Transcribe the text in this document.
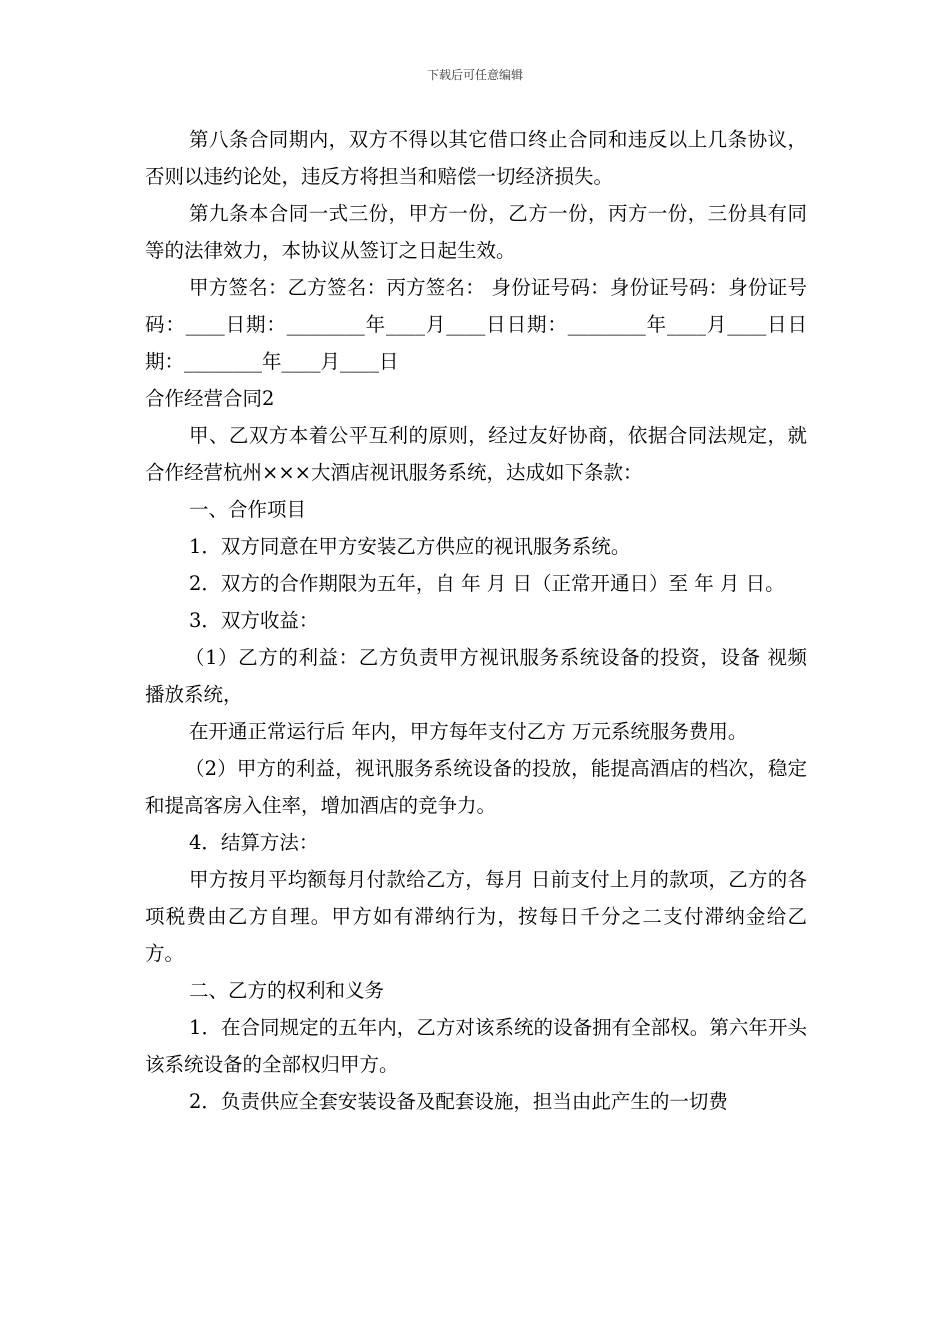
下载后可任意编辑

第八条合同期内，双方不得以其它借口终止合同和违反以上几条协议，否则以违约论处，违反方将担当和赔偿一切经济损失。

第九条本合同一式三份，甲方一份，乙方一份，丙方一份，三份具有同等的法律效力，本协议从签订之日起生效。

甲方签名：乙方签名：丙方签名： 身份证号码：身份证号码：身份证号码：____日期：________年____月____日日期：________年____月____日日期：________年____月____日

合作经营合同2

甲、乙双方本着公平互利的原则，经过友好协商，依据合同法规定，就合作经营杭州×××大酒店视讯服务系统，达成如下条款：

一、合作项目

1．双方同意在甲方安装乙方供应的视讯服务系统。

2．双方的合作期限为五年，自 年 月 日（正常开通日）至 年 月 日。

3．双方收益：

（1）乙方的利益：乙方负责甲方视讯服务系统设备的投资，设备 视频播放系统，

在开通正常运行后 年内，甲方每年支付乙方 万元系统服务费用。

（2）甲方的利益，视讯服务系统设备的投放，能提高酒店的档次，稳定和提高客房入住率，增加酒店的竞争力。

4．结算方法：

甲方按月平均额每月付款给乙方，每月 日前支付上月的款项，乙方的各项税费由乙方自理。甲方如有滞纳行为，按每日千分之二支付滞纳金给乙方。

二、乙方的权利和义务

1．在合同规定的五年内，乙方对该系统的设备拥有全部权。第六年开头该系统设备的全部权归甲方。

2．负责供应全套安装设备及配套设施，担当由此产生的一切费
